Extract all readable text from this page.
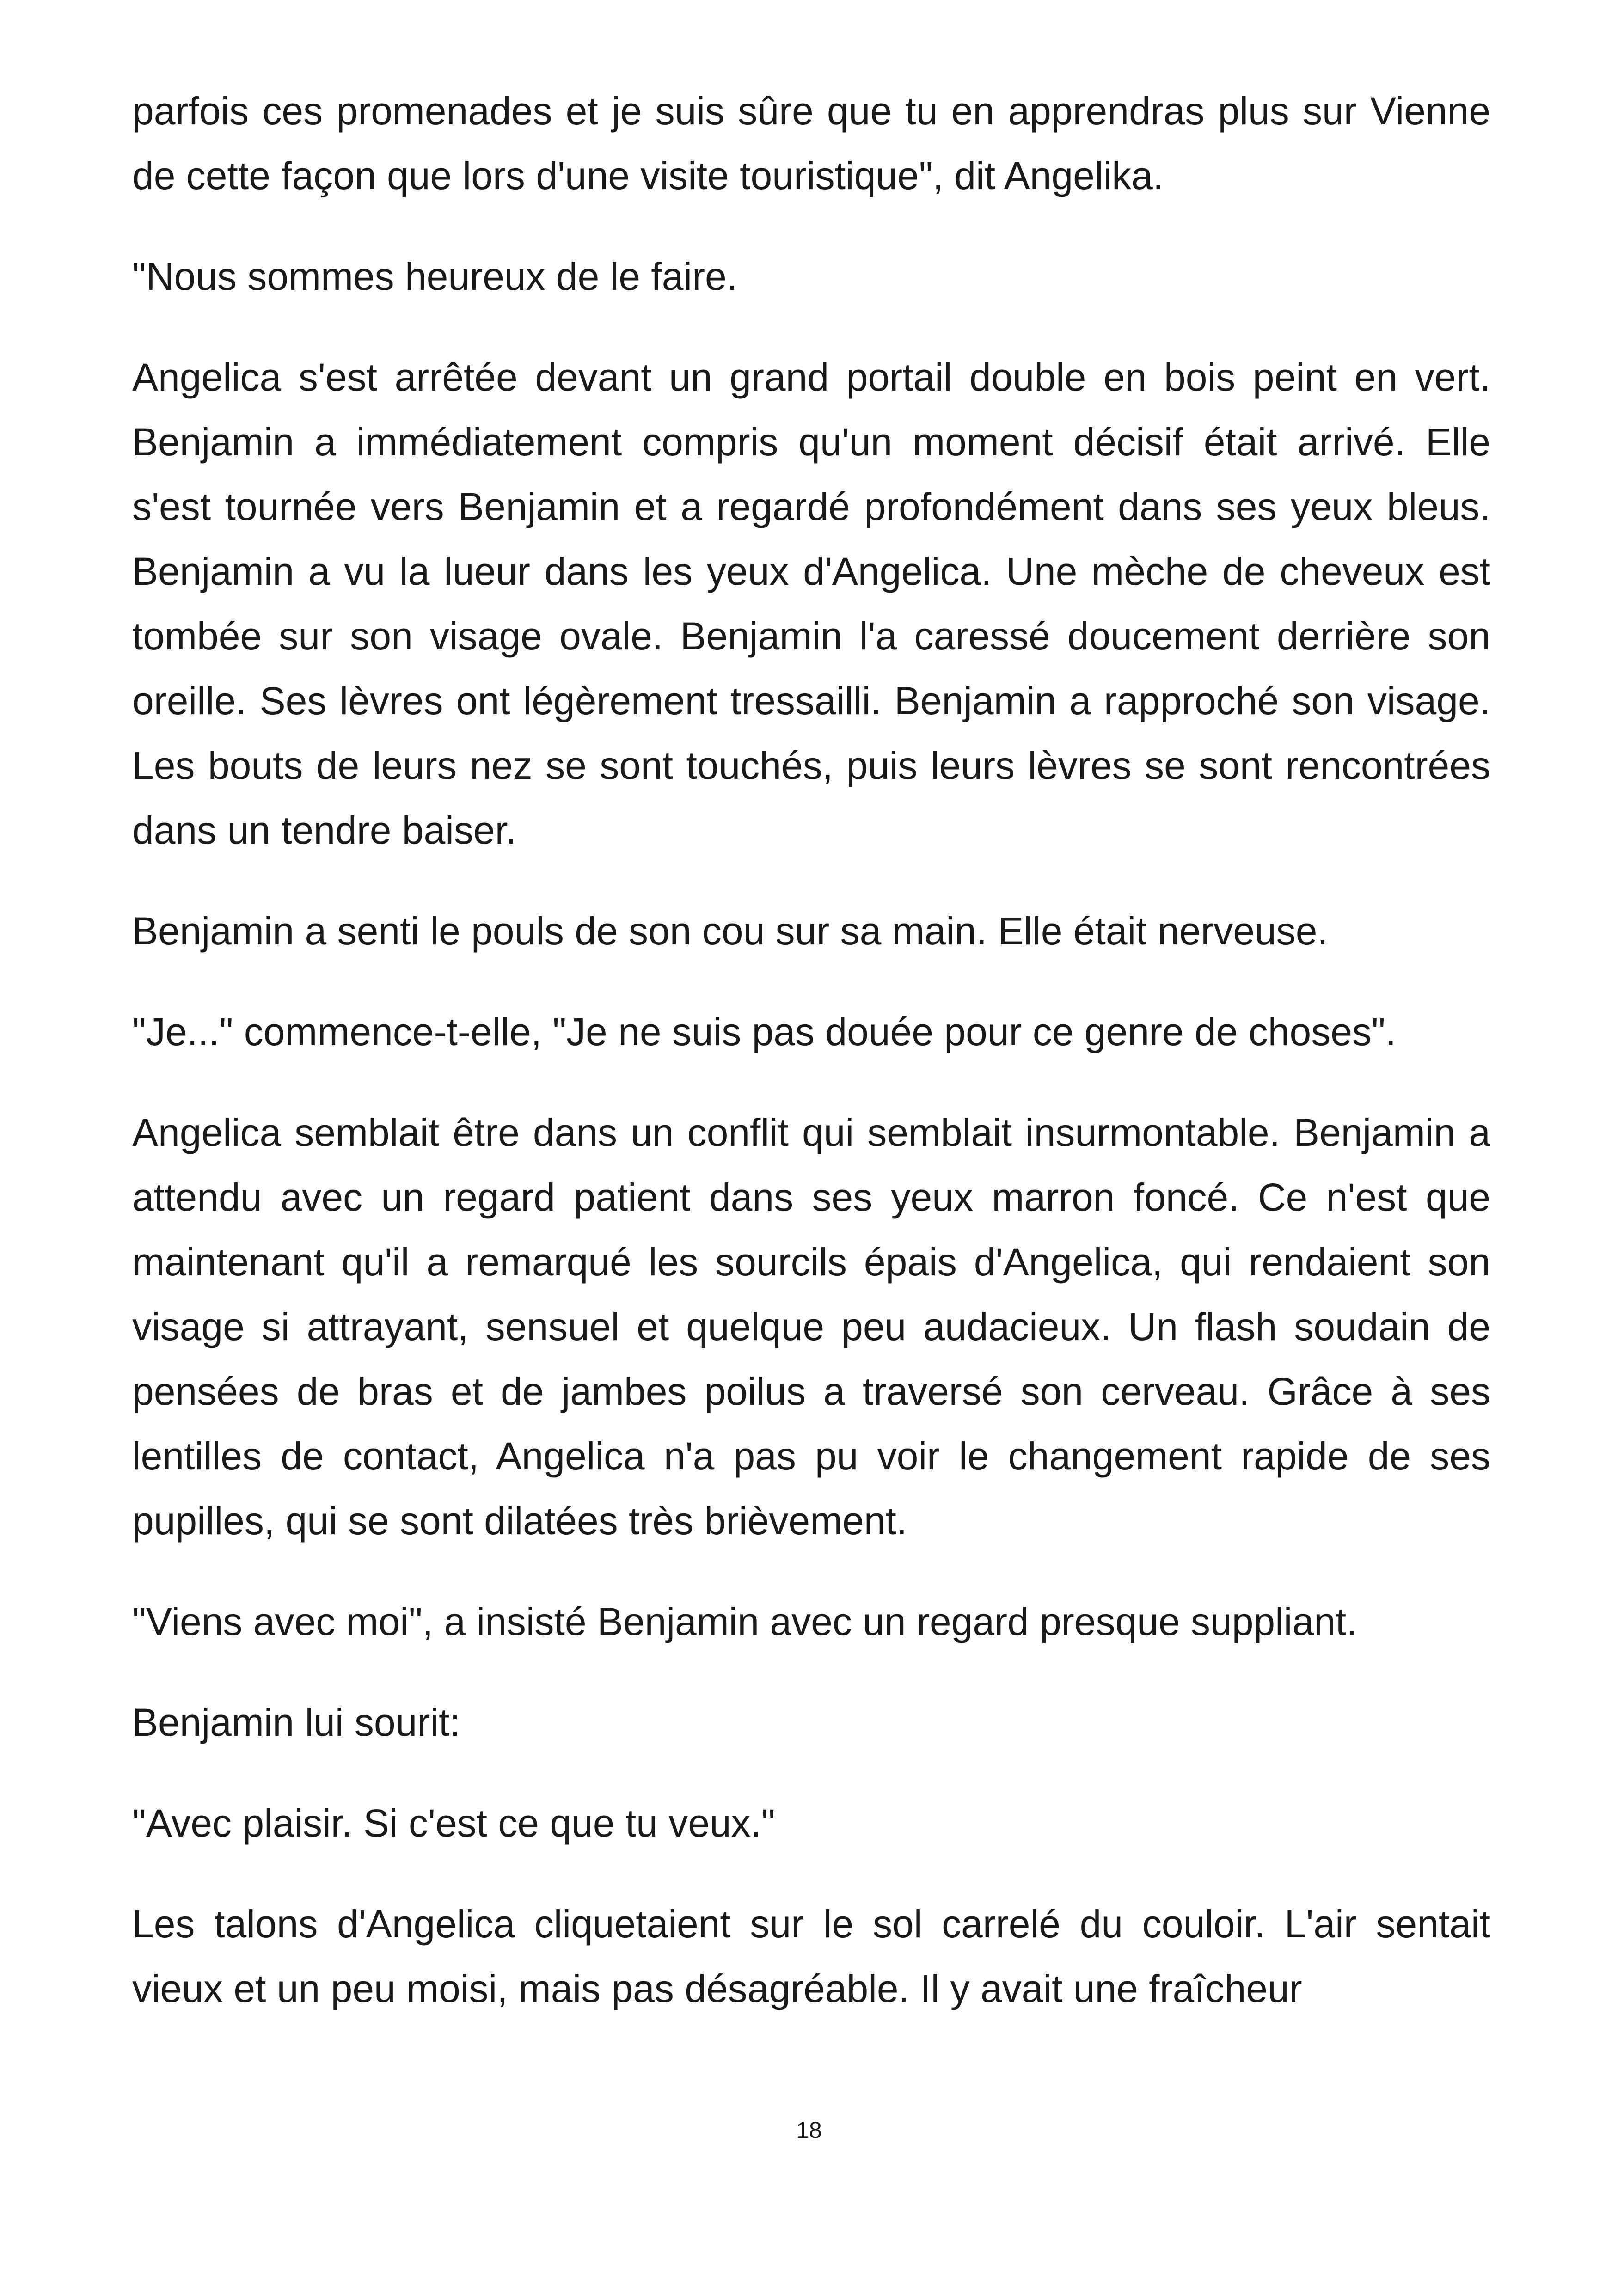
parfois ces promenades et je suis sûre que tu en apprendras plus sur Vienne de cette façon que lors d'une visite touristique", dit Angelika.

"Nous sommes heureux de le faire.

Angelica s'est arrêtée devant un grand portail double en bois peint en vert. Benjamin a immédiatement compris qu'un moment décisif était arrivé. Elle s'est tournée vers Benjamin et a regardé profondément dans ses yeux bleus. Benjamin a vu la lueur dans les yeux d'Angelica. Une mèche de cheveux est tombée sur son visage ovale. Benjamin l'a caressé doucement derrière son oreille. Ses lèvres ont légèrement tressailli. Benjamin a rapproché son visage. Les bouts de leurs nez se sont touchés, puis leurs lèvres se sont rencontrées dans un tendre baiser.

Benjamin a senti le pouls de son cou sur sa main. Elle était nerveuse.

"Je..." commence-t-elle, "Je ne suis pas douée pour ce genre de choses".

Angelica semblait être dans un conflit qui semblait insurmontable. Benjamin a attendu avec un regard patient dans ses yeux marron foncé. Ce n'est que maintenant qu'il a remarqué les sourcils épais d'Angelica, qui rendaient son visage si attrayant, sensuel et quelque peu audacieux. Un flash soudain de pensées de bras et de jambes poilus a traversé son cerveau. Grâce à ses lentilles de contact, Angelica n'a pas pu voir le changement rapide de ses pupilles, qui se sont dilatées très brièvement.

"Viens avec moi", a insisté Benjamin avec un regard presque suppliant.

Benjamin lui sourit:

"Avec plaisir. Si c'est ce que tu veux."

Les talons d'Angelica cliquetaient sur le sol carrelé du couloir. L'air sentait vieux et un peu moisi, mais pas désagréable. Il y avait une fraîcheur

18
